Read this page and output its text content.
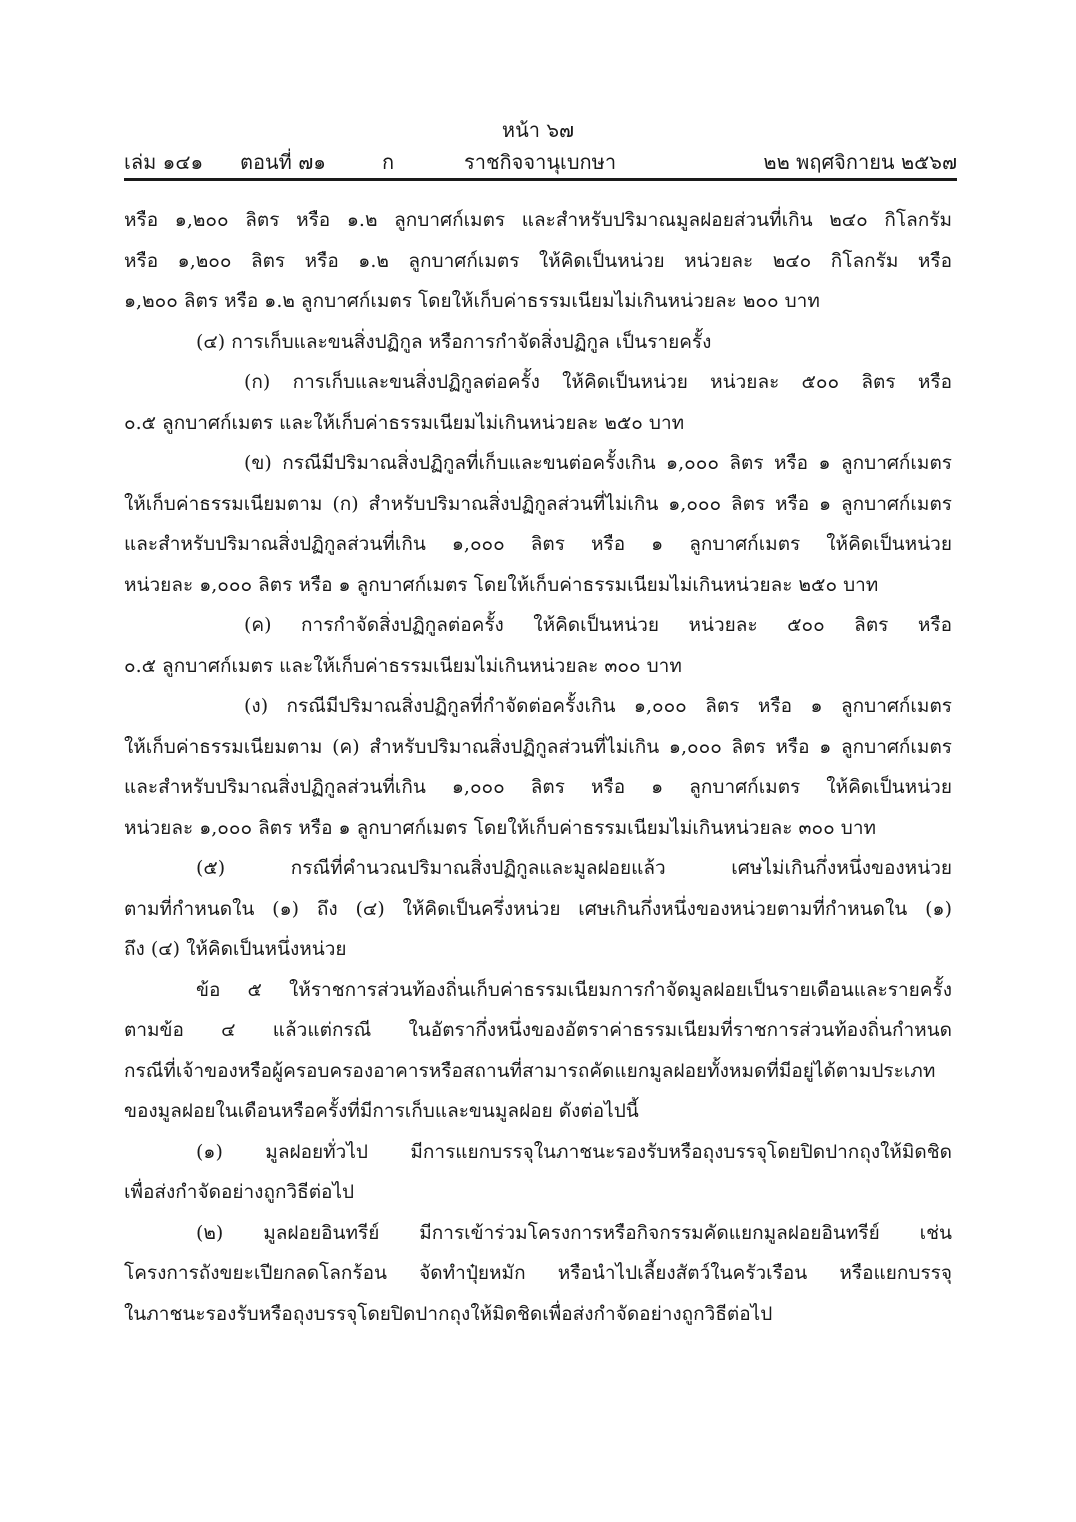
หน้า ๖๗
เล่ม ๑๔๑ ตอนที่ ๗๑	ก	ราชกิจจานุเบกษา	๒๒ พฤศจิกายน ๒๕๖๗
หรือ ๑,๒๐๐ ลิตร หรือ ๑.๒ ลูกบาศก์เมตร และสำหรับปริมาณมูลฝอยส่วนที่เกิน ๒๔๐ กิโลกรัม
หรือ ๑,๒๐๐ ลิตร หรือ ๑.๒ ลูกบาศก์เมตร ให้คิดเป็นหน่วย หน่วยละ ๒๔๐ กิโลกรัม หรือ
๑,๒๐๐ ลิตร หรือ ๑.๒ ลูกบาศก์เมตร โดยให้เก็บค่าธรรมเนียมไม่เกินหน่วยละ ๒๐๐ บาท
(๔) การเก็บและขนสิ่งปฏิกูล หรือการกำจัดสิ่งปฏิกูล เป็นรายครั้ง
(ก) การเก็บและขนสิ่งปฏิกูลต่อครั้ง ให้คิดเป็นหน่วย หน่วยละ ๕๐๐ ลิตร หรือ
๐.๕ ลูกบาศก์เมตร และให้เก็บค่าธรรมเนียมไม่เกินหน่วยละ ๒๕๐ บาท
(ข) กรณีมีปริมาณสิ่งปฏิกูลที่เก็บและขนต่อครั้งเกิน ๑,๐๐๐ ลิตร หรือ ๑ ลูกบาศก์เมตร
ให้เก็บค่าธรรมเนียมตาม (ก) สำหรับปริมาณสิ่งปฏิกูลส่วนที่ไม่เกิน ๑,๐๐๐ ลิตร หรือ ๑ ลูกบาศก์เมตร
และสำหรับปริมาณสิ่งปฏิกูลส่วนที่เกิน ๑,๐๐๐ ลิตร หรือ ๑ ลูกบาศก์เมตร ให้คิดเป็นหน่วย
หน่วยละ ๑,๐๐๐ ลิตร หรือ ๑ ลูกบาศก์เมตร โดยให้เก็บค่าธรรมเนียมไม่เกินหน่วยละ ๒๕๐ บาท
(ค) การกำจัดสิ่งปฏิกูลต่อครั้ง ให้คิดเป็นหน่วย หน่วยละ ๕๐๐ ลิตร หรือ
๐.๕ ลูกบาศก์เมตร และให้เก็บค่าธรรมเนียมไม่เกินหน่วยละ ๓๐๐ บาท
(ง) กรณีมีปริมาณสิ่งปฏิกูลที่กำจัดต่อครั้งเกิน ๑,๐๐๐ ลิตร หรือ ๑ ลูกบาศก์เมตร
ให้เก็บค่าธรรมเนียมตาม (ค) สำหรับปริมาณสิ่งปฏิกูลส่วนที่ไม่เกิน ๑,๐๐๐ ลิตร หรือ ๑ ลูกบาศก์เมตร
และสำหรับปริมาณสิ่งปฏิกูลส่วนที่เกิน ๑,๐๐๐ ลิตร หรือ ๑ ลูกบาศก์เมตร ให้คิดเป็นหน่วย
หน่วยละ ๑,๐๐๐ ลิตร หรือ ๑ ลูกบาศก์เมตร โดยให้เก็บค่าธรรมเนียมไม่เกินหน่วยละ ๓๐๐ บาท
(๕) กรณีที่คำนวณปริมาณสิ่งปฏิกูลและมูลฝอยแล้ว เศษไม่เกินกึ่งหนึ่งของหน่วย
ตามที่กำหนดใน (๑) ถึง (๔) ให้คิดเป็นครึ่งหน่วย เศษเกินกึ่งหนึ่งของหน่วยตามที่กำหนดใน (๑)
ถึง (๔) ให้คิดเป็นหนึ่งหน่วย
ข้อ ๕ ให้ราชการส่วนท้องถิ่นเก็บค่าธรรมเนียมการกำจัดมูลฝอยเป็นรายเดือนและรายครั้ง
ตามข้อ ๔ แล้วแต่กรณี ในอัตรากึ่งหนึ่งของอัตราค่าธรรมเนียมที่ราชการส่วนท้องถิ่นกำหนด
กรณีที่เจ้าของหรือผู้ครอบครองอาคารหรือสถานที่สามารถคัดแยกมูลฝอยทั้งหมดที่มีอยู่ได้ตามประเภท
ของมูลฝอยในเดือนหรือครั้งที่มีการเก็บและขนมูลฝอย ดังต่อไปนี้
(๑) มูลฝอยทั่วไป มีการแยกบรรจุในภาชนะรองรับหรือถุงบรรจุโดยปิดปากถุงให้มิดชิด
เพื่อส่งกำจัดอย่างถูกวิธีต่อไป
(๒) มูลฝอยอินทรีย์ มีการเข้าร่วมโครงการหรือกิจกรรมคัดแยกมูลฝอยอินทรีย์ เช่น
โครงการถังขยะเปียกลดโลกร้อน จัดทำปุ๋ยหมัก หรือนำไปเลี้ยงสัตว์ในครัวเรือน หรือแยกบรรจุ
ในภาชนะรองรับหรือถุงบรรจุโดยปิดปากถุงให้มิดชิดเพื่อส่งกำจัดอย่างถูกวิธีต่อไป
